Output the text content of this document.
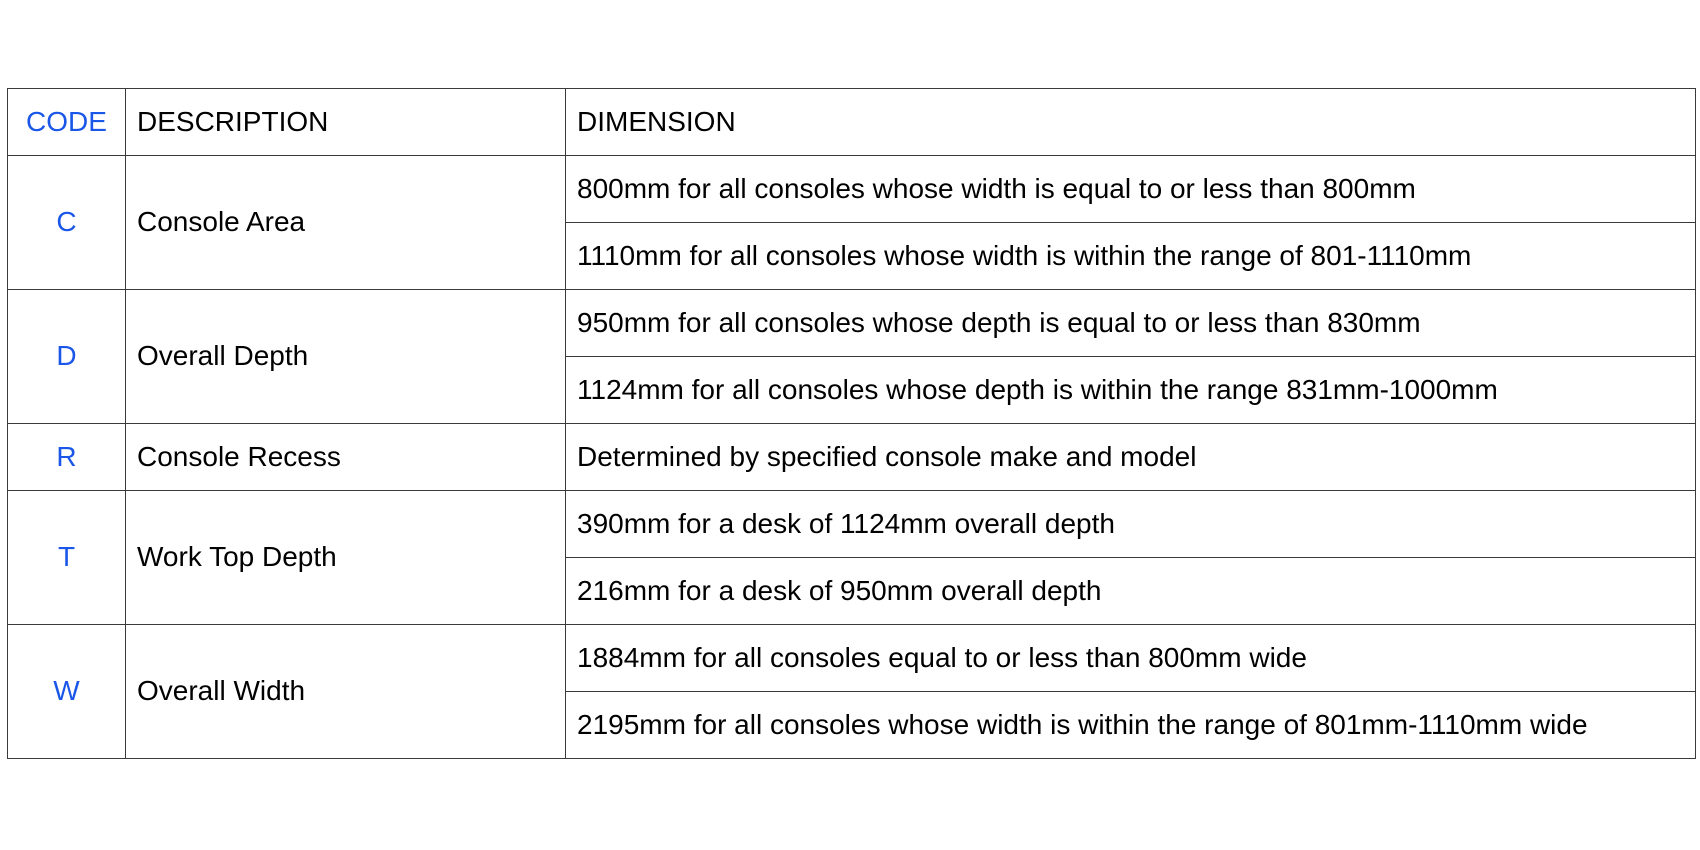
CODE	DESCRIPTION	DIMENSION
C	Console Area	800mm for all consoles whose width is equal to or less than 800mm
		1110mm for all consoles whose width is within the range of 801-1110mm
D	Overall Depth	950mm for all consoles whose depth is equal to or less than 830mm
		1124mm for all consoles whose depth is within the range 831mm-1000mm
R	Console Recess	Determined by specified console make and model
T	Work Top Depth	390mm for a desk of 1124mm overall depth
		216mm for a desk of 950mm overall depth
W	Overall Width	1884mm for all consoles equal to or less than 800mm wide
		2195mm for all consoles whose width is within the range of 801mm-1110mm wide
